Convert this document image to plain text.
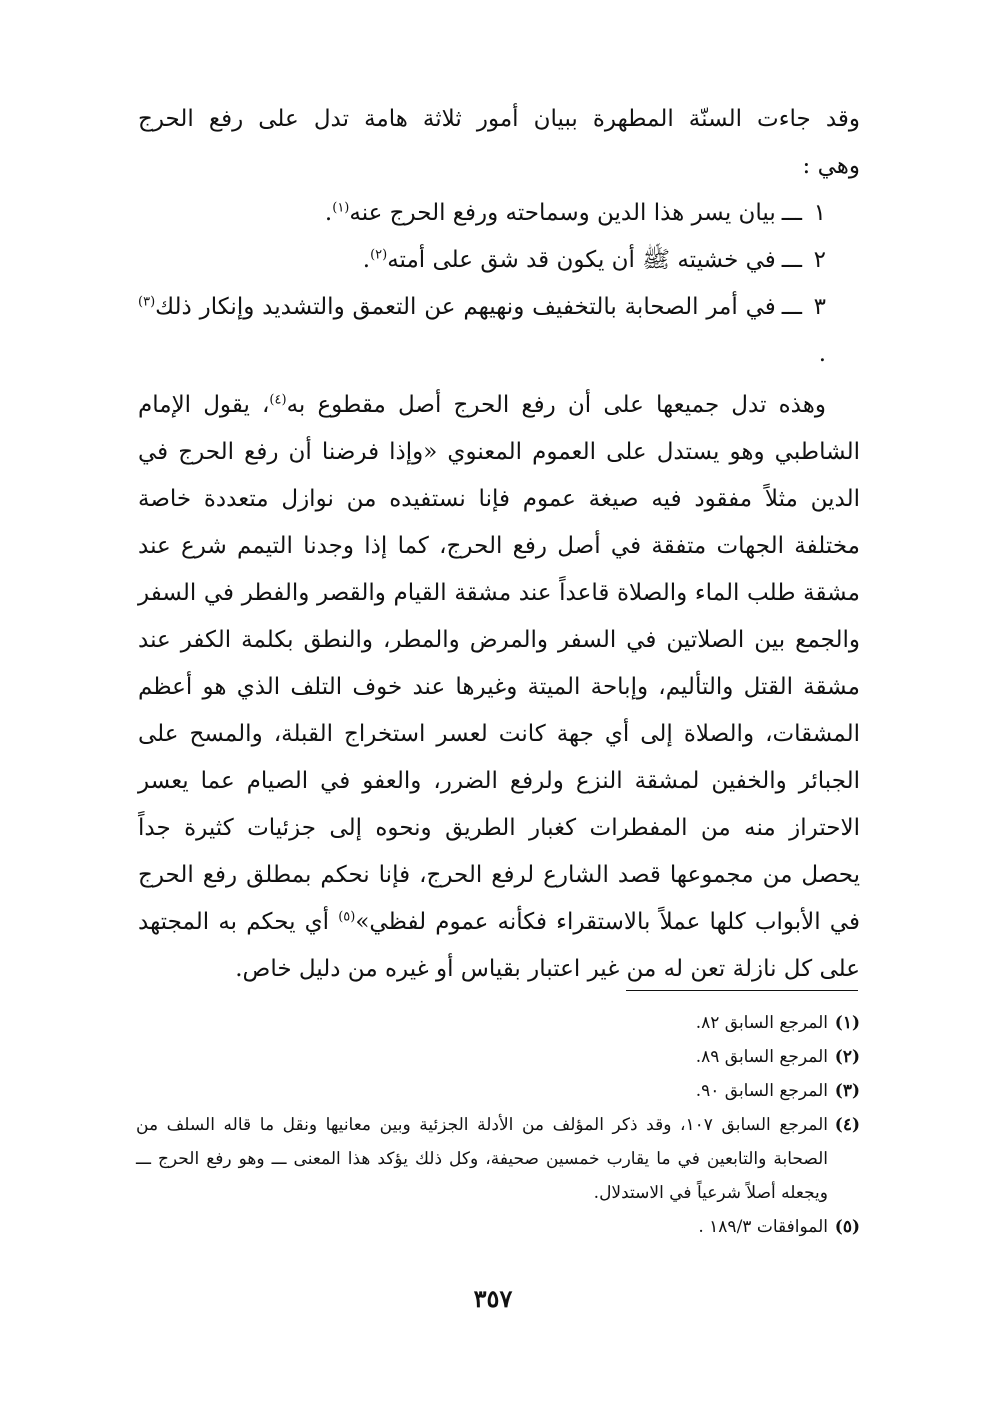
وقد جاءت السنّة المطهرة ببيان أمور ثلاثة هامة تدل على رفع الحرج

وهي :

١ـــبيان يسر هذا الدين وسماحته ورفع الحرج عنه$^{(١)}$.

٢ـــفي خشيته ﷺ أن يكون قد شق على أمته$^{(٢)}$.

٣ـــفي أمر الصحابة بالتخفيف ونهيهم عن التعمق والتشديد وإنكار ذلك$^{(٣)}$ .

وهذه تدل جميعها على أن رفع الحرج أصل مقطوع به$^{(٤)}$، يقول الإمام الشاطبي وهو يستدل على العموم المعنوي «وإذا فرضنا أن رفع الحرج في الدين مثلاً مفقود فيه صيغة عموم فإنا نستفيده من نوازل متعددة خاصة مختلفة الجهات متفقة في أصل رفع الحرج، كما إذا وجدنا التيمم شرع عند مشقة طلب الماء والصلاة قاعداً عند مشقة القيام والقصر والفطر في السفر والجمع بين الصلاتين في السفر والمرض والمطر، والنطق بكلمة الكفر عند مشقة القتل والتأليم، وإباحة الميتة وغيرها عند خوف التلف الذي هو أعظم المشقات، والصلاة إلى أي جهة كانت لعسر استخراج القبلة، والمسح على الجبائر والخفين لمشقة النزع ولرفع الضرر، والعفو في الصيام عما يعسر الاحتراز منه من المفطرات كغبار الطريق ونحوه إلى جزئيات كثيرة جداً يحصل من مجموعها قصد الشارع لرفع الحرج، فإنا نحكم بمطلق رفع الحرج في الأبواب كلها عملاً بالاستقراء فكأنه عموم لفظي»$^{(٥)}$ أي يحكم به المجتهد على كل نازلة تعن له من غير اعتبار بقياس أو غيره من دليل خاص.

(١)
المرجع السابق ٨٢.

(٢)
المرجع السابق ٨٩.

(٣)
المرجع السابق ٩٠.

(٤)
المرجع السابق ١٠٧، وقد ذكر المؤلف من الأدلة الجزئية وبين معانيها ونقل ما قاله السلف من الصحابة والتابعين في ما يقارب خمسين صحيفة، وكل ذلك يؤكد هذا المعنى ـــ وهو رفع الحرج ـــ ويجعله أصلاً شرعياً في الاستدلال.

(٥)
الموافقات ١٨٩/٣ .

٣٥٧
